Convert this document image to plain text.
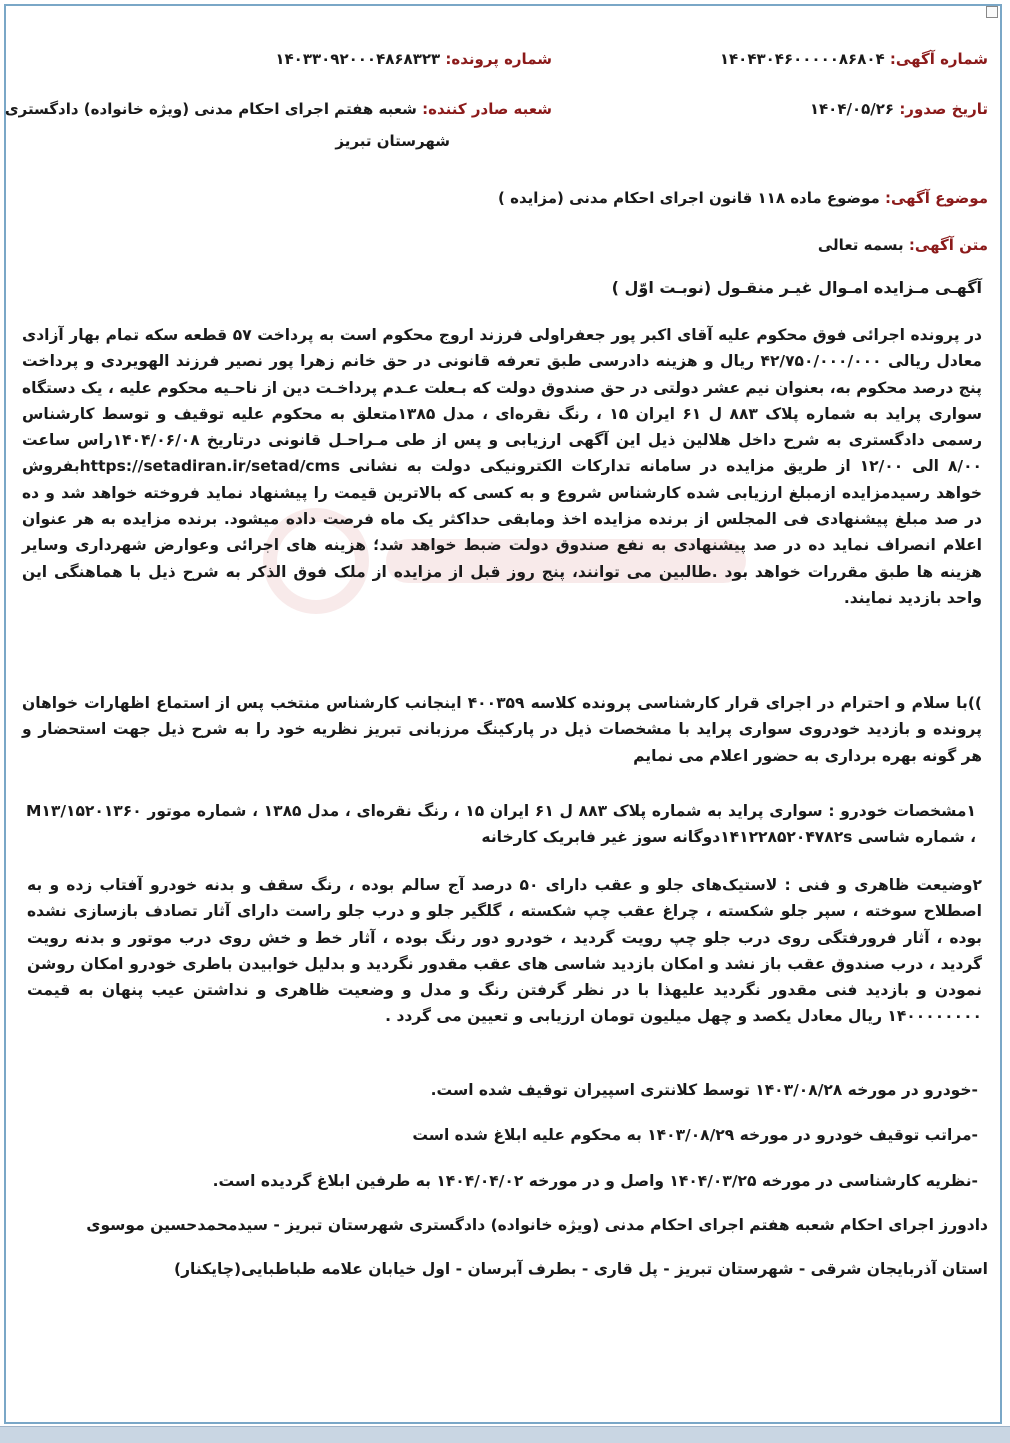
شماره آگهی: ۱۴۰۴۳۰۴۶۰۰۰۰۰۸۶۸۰۴
شماره پرونده: ۱۴۰۳۳۰۹۲۰۰۰۴۸۶۸۳۲۳
تاریخ صدور: ۱۴۰۴/۰۵/۲۶
شعبه صادر کننده: شعبه هفتم اجرای احکام مدنی (ویژه خانواده) دادگستری
شهرستان تبریز
موضوع آگهی: موضوع ماده ۱۱۸ قانون اجرای احکام مدنی (مزایده )
متن آگهی: بسمه تعالی
آگهـی مـزایده امـوال غیـر منقـول (نوبـت اوّل )
در پرونده اجرائی فوق محکوم علیه آقای اکبر پور جعفراولی فرزند اروج محکوم است به پرداخت ۵۷ قطعه سکه تمام بهار آزادی معادل ریالی ۴۲/۷۵۰/۰۰۰/۰۰۰ ریال و هزینه دادرسی طبق تعرفه قانونی در حق خانم زهرا پور نصیر فرزند الهویردی و پرداخت پنج درصد محکوم به، بعنوان نیم عشر دولتی در حق صندوق دولت که بـعلت عـدم پرداخـت دین از ناحـیه محکوم علیه ، یک دستگاه سواری پراید به شماره پلاک ۸۸۳ ل ۶۱ ایران ۱۵ ، رنگ نقره‌ای ، مدل ۱۳۸۵متعلق به محکوم علیه توقیف و توسط کارشناس رسمی دادگستری به شرح داخل هلالین ذیل این آگهی ارزیابی و پس از طی مـراحـل قانونی درتاریخ ۱۴۰۴/۰۶/۰۸راس ساعت ۸/۰۰ الی ۱۲/۰۰ از طریق مزایده در سامانه تدارکات الکترونیکی دولت به نشانی https://setadiran.ir/setad/cmsبفروش خواهد رسیدمزایده ازمبلغ ارزیابی شده کارشناس شروع و به کسی که بالاترین قیمت را پیشنهاد نماید فروخته خواهد شد و ده در صد مبلغ پیشنهادی فی المجلس از برنده مزایده اخذ ومابقی حداکثر یک ماه فرصت داده میشود. برنده مزایده به هر عنوان اعلام انصراف نماید ده در صد پیشنهادی به نفع صندوق دولت ضبط خواهد شد؛ هزینه های اجرائی وعوارض شهرداری وسایر هزینه ها طبق مقررات خواهد بود .طالبین می توانند، پنج روز قبل از مزایده از ملک فوق الذکر به شرح ذیل با هماهنگی این واحد بازدید نمایند.
))با سلام و احترام در اجرای قرار کارشناسی پرونده کلاسه ۴۰۰۳۵۹ اینجانب کارشناس منتخب پس از استماع اظهارات خواهان پرونده و بازدید خودروی سواری پراید با مشخصات ذیل در پارکینگ مرزبانی تبریز نظریه خود را به شرح ذیل جهت استحضار و هر گونه بهره برداری به حضور اعلام می نمایم
۱مشخصات خودرو : سواری پراید به شماره پلاک ۸۸۳ ل ۶۱ ایران ۱۵ ، رنگ نقره‌ای ، مدل ۱۳۸۵ ، شماره موتور M۱۳/۱۵۲۰۱۳۶۰ ، شماره شاسی ۱۴۱۲۲۸۵۲۰۴۷۸۲sدوگانه سوز غیر فابریک کارخانه
۲وضیعت ظاهری و فنی : لاستیک‌های جلو و عقب دارای ۵۰ درصد آج سالم بوده ، رنگ سقف و بدنه خودرو آفتاب زده و به اصطلاح سوخته ، سپر جلو شکسته ، چراغ عقب چپ شکسته ، گلگیر جلو و درب جلو راست دارای آثار تصادف بازسازی نشده بوده ، آثار فرورفتگی روی درب جلو چپ رویت گردید ، خودرو دور رنگ بوده ، آثار خط و خش روی درب موتور و بدنه رویت گردید ، درب صندوق عقب باز نشد و امکان بازدید شاسی های عقب مقدور نگردید و بدلیل خوابیدن باطری خودرو امکان روشن نمودن و بازدید فنی مقدور نگردید علیهذا با در نظر گرفتن رنگ و مدل و وضعیت ظاهری و نداشتن عیب پنهان به قیمت ۱۴۰۰۰۰۰۰۰۰ ریال معادل یکصد و چهل میلیون تومان ارزیابی و تعیین می گردد .
-خودرو در مورخه ۱۴۰۳/۰۸/۲۸ توسط کلانتری اسپیران توقیف شده است.
-مراتب توقیف خودرو در مورخه ۱۴۰۳/۰۸/۲۹ به محکوم علیه ابلاغ شده است
-نظریه کارشناسی در مورخه ۱۴۰۴/۰۳/۲۵ واصل و در مورخه ۱۴۰۴/۰۴/۰۲ به طرفین ابلاغ گردیده است.
دادورز اجرای احکام شعبه هفتم اجرای احکام مدنی (ویژه خانواده) دادگستری شهرستان تبریز - سیدمحمدحسین موسوی
استان آذربایجان شرقی - شهرستان تبریز - پل قاری - بطرف آبرسان - اول خیابان علامه طباطبایی(چایکنار)
